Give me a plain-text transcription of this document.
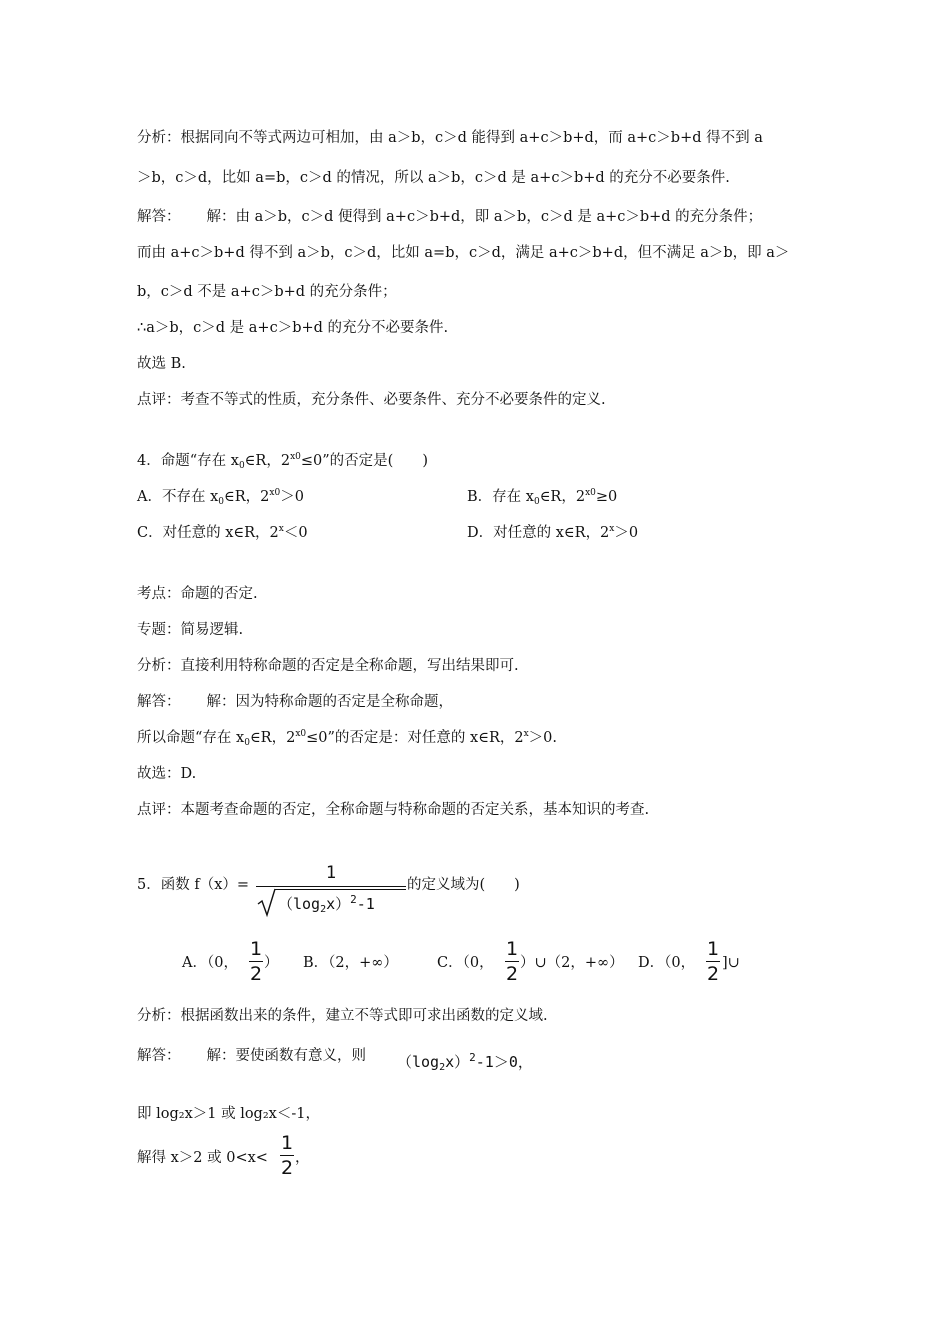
分析：根据同向不等式两边可相加，由 a＞b，c＞d 能得到 a+c＞b+d，而 a+c＞b+d 得不到 a
＞b，c＞d，比如 a=b，c＞d 的情况，所以 a＞b，c＞d 是 a+c＞b+d 的充分不必要条件.
解答： 解：由 a＞b，c＞d 便得到 a+c＞b+d，即 a＞b，c＞d 是 a+c＞b+d 的充分条件；
而由 a+c＞b+d 得不到 a＞b，c＞d，比如 a=b，c＞d，满足 a+c＞b+d，但不满足 a＞b，即 a＞
b，c＞d 不是 a+c＞b+d 的充分条件；
∴a＞b，c＞d 是 a+c＞b+d 的充分不必要条件.
故选 B.
点评：考查不等式的性质，充分条件、必要条件、充分不必要条件的定义.
4．命题“存在 $x_0\in R$，$2^{x0}\le 0$”的否定是(　　)
A．不存在 $x_0\in R$，$2^{x0}>0$	B．存在 $x_0\in R$，$2^{x0}\ge 0$
C．对任意的 x∈R，$2^x<0$	D．对任意的 x∈R，$2^x>0$
考点：命题的否定.
专题：简易逻辑.
分析：直接利用特称命题的否定是全称命题，写出结果即可.
解答： 解：因为特称命题的否定是全称命题，
所以命题“存在 $x_0\in R$，$2^{x0}\le 0$”的否定是：对任意的 x∈R，$2^x>0$.
故选：D.
点评：本题考查命题的否定，全称命题与特称命题的否定关系，基本知识的考查.
5．函数 f（x）=
1
$(\log_2x)^2-1$
的定义域为(　　)
A．（0，
1
2 ） B．（2，+∞）	C．（0，
1
2 ）∪（2，+∞） D．（0，
1
2 ]∪
分析：根据函数出来的条件，建立不等式即可求出函数的定义域.
解答： 解：要使函数有意义，则 $(\log_2x)^2-1>0$，
即 log₂x＞1 或 log₂x＜-1，
解得 x＞2 或 0<x<
1
2 ，
